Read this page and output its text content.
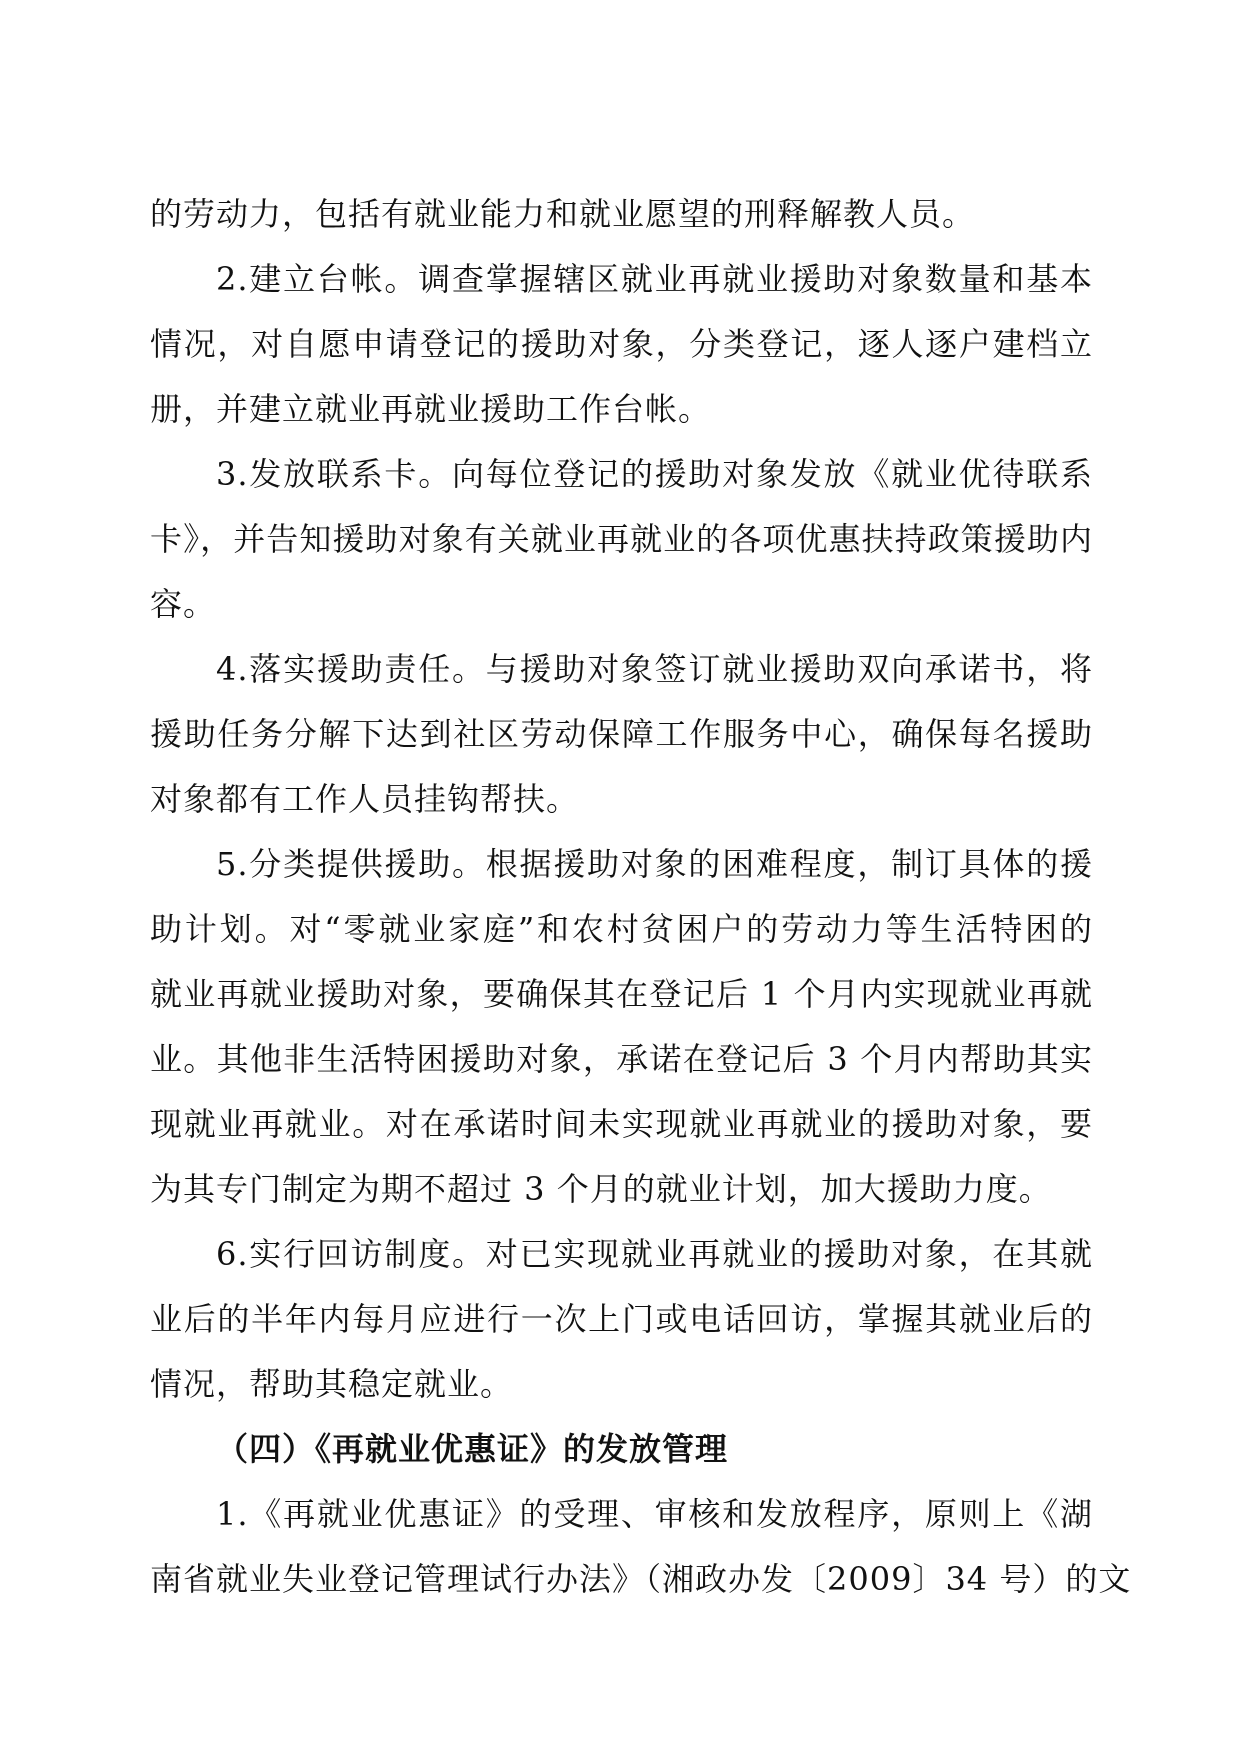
的劳动力，包括有就业能力和就业愿望的刑释解教人员。
2.建立台帐。调查掌握辖区就业再就业援助对象数量和基本
情况，对自愿申请登记的援助对象，分类登记，逐人逐户建档立
册，并建立就业再就业援助工作台帐。
3.发放联系卡。向每位登记的援助对象发放《就业优待联系
卡》，并告知援助对象有关就业再就业的各项优惠扶持政策援助内
容。
4.落实援助责任。与援助对象签订就业援助双向承诺书，将
援助任务分解下达到社区劳动保障工作服务中心，确保每名援助
对象都有工作人员挂钩帮扶。
5.分类提供援助。根据援助对象的困难程度，制订具体的援
助计划。对“零就业家庭”和农村贫困户的劳动力等生活特困的
就业再就业援助对象，要确保其在登记后 1 个月内实现就业再就
业。其他非生活特困援助对象，承诺在登记后 3 个月内帮助其实
现就业再就业。对在承诺时间未实现就业再就业的援助对象，要
为其专门制定为期不超过 3 个月的就业计划，加大援助力度。
6.实行回访制度。对已实现就业再就业的援助对象，在其就
业后的半年内每月应进行一次上门或电话回访，掌握其就业后的
情况，帮助其稳定就业。
（四）《再就业优惠证》的发放管理
1.《再就业优惠证》的受理、审核和发放程序，原则上《湖
南省就业失业登记管理试行办法》（湘政办发〔2009〕34 号）的文
